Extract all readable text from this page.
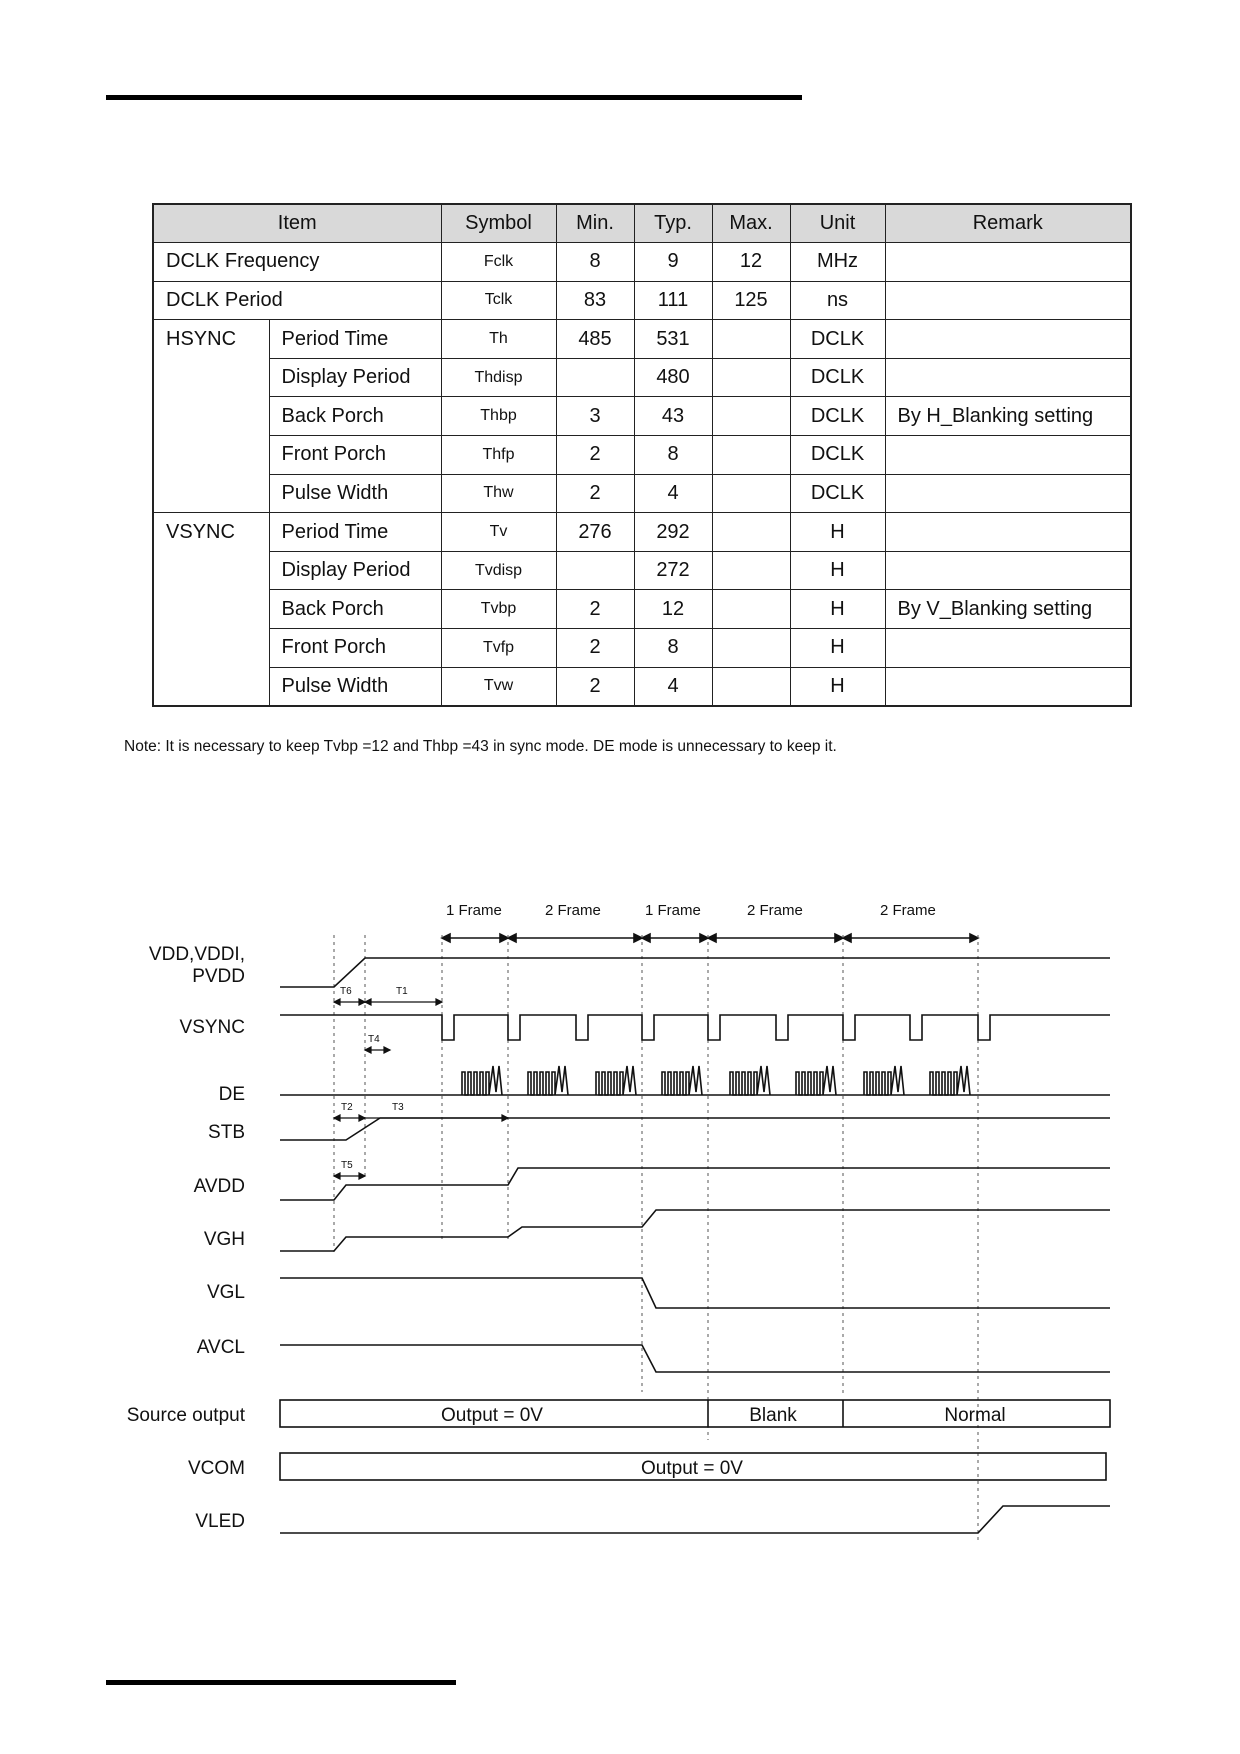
Item		Symbol	Min.	Typ.	Max.	Unit	Remark
DCLK Frequency		Fclk	8	9	12	MHz	
DCLK Period		Tclk	83	111	125	ns	
HSYNC	Period Time	Th	485	531		DCLK	
	Display Period	Thdisp		480		DCLK	
	Back Porch	Thbp	3	43		DCLK	By H_Blanking setting
	Front Porch	Thfp	2	8		DCLK	
	Pulse Width	Thw	2	4		DCLK	
VSYNC	Period Time	Tv	276	292		H	
	Display Period	Tvdisp		272		H	
	Back Porch	Tvbp	2	12		H	By V_Blanking setting
	Front Porch	Tvfp	2	8		H	
	Pulse Width	Tvw	2	4		H	
Note: It is necessary to keep Tvbp =12 and Thbp =43 in sync mode. DE mode is unnecessary to keep it.
1 Frame	2 Frame	1 Frame	2 Frame	2 Frame
VDD,VDDI,
PVDD
VSYNC
DE
STB
AVDD
VGH
VGL
AVCL
Source output
VCOM
VLED
T6	T1
T4
T2	T3
T5
Output = 0V	Blank	Normal
Output = 0V
